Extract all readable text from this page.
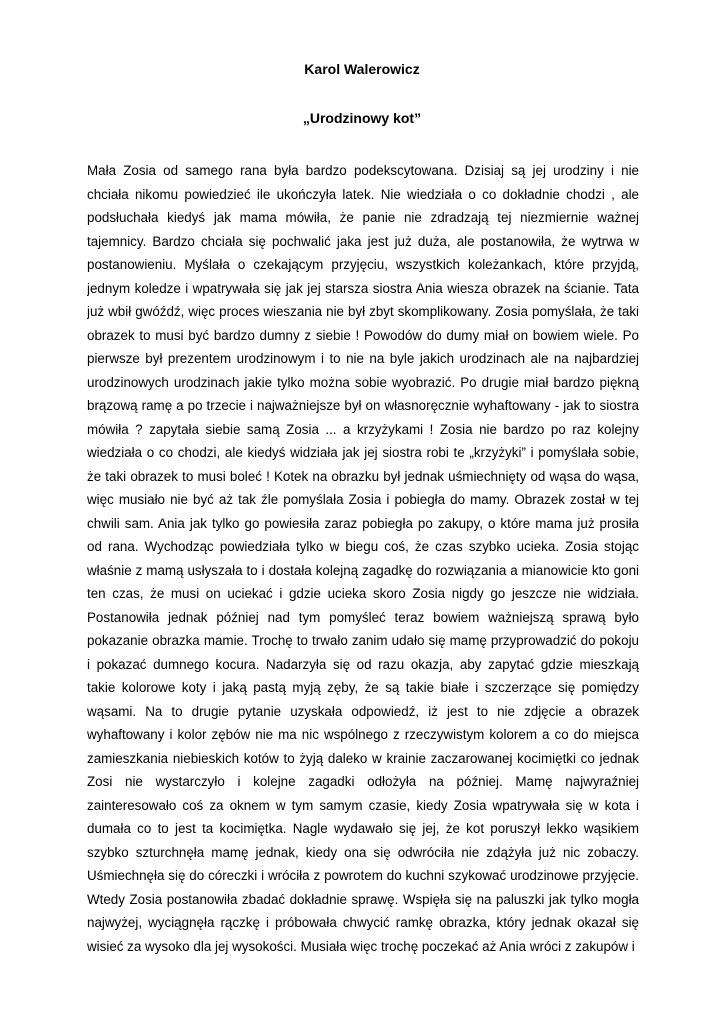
Karol Walerowicz
„Urodzinowy kot”
Mała Zosia od samego rana była bardzo podekscytowana. Dzisiaj są jej urodziny i nie
chciała nikomu powiedzieć ile ukończyła latek. Nie wiedziała o co dokładnie chodzi , ale
podsłuchała kiedyś jak mama mówiła, że panie nie zdradzają tej niezmiernie ważnej
tajemnicy. Bardzo chciała się pochwalić jaka jest już duża, ale postanowiła, że wytrwa w
postanowieniu. Myślała o czekającym przyjęciu, wszystkich koleżankach, które przyjdą,
jednym koledze i wpatrywała się jak jej starsza siostra Ania wiesza obrazek na ścianie. Tata
już wbił gwóźdź, więc proces wieszania nie był zbyt skomplikowany. Zosia pomyślała, że taki
obrazek to musi być bardzo dumny z siebie ! Powodów do dumy miał on bowiem wiele. Po
pierwsze był prezentem urodzinowym i to nie na byle jakich urodzinach ale na najbardziej
urodzinowych urodzinach jakie tylko można sobie wyobrazić. Po drugie miał bardzo piękną
brązową ramę a po trzecie i najważniejsze był on własnoręcznie wyhaftowany - jak to siostra
mówiła ? zapytała siebie samą Zosia ... a krzyżykami ! Zosia nie bardzo po raz kolejny
wiedziała o co chodzi, ale kiedyś widziała jak jej siostra robi te „krzyżyki” i pomyślała sobie,
że taki obrazek to musi boleć ! Kotek na obrazku był jednak uśmiechnięty od wąsa do wąsa,
więc musiało nie być aż tak źle pomyślała Zosia i pobiegła do mamy. Obrazek został w tej
chwili sam. Ania jak tylko go powiesiła zaraz pobiegła po zakupy, o które mama już prosiła
od rana. Wychodząc powiedziała tylko w biegu coś, że czas szybko ucieka. Zosia stojąc
właśnie z mamą usłyszała to i dostała kolejną zagadkę do rozwiązania a mianowicie kto goni
ten czas, że musi on uciekać i gdzie ucieka skoro Zosia nigdy go jeszcze nie widziała.
Postanowiła jednak później nad tym pomyśleć teraz bowiem ważniejszą sprawą było
pokazanie obrazka mamie. Trochę to trwało zanim udało się mamę przyprowadzić do pokoju
i pokazać dumnego kocura. Nadarzyła się od razu okazja, aby zapytać gdzie mieszkają
takie kolorowe koty i jaką pastą myją zęby, że są takie białe i szczerzące się pomiędzy
wąsami. Na to drugie pytanie uzyskała odpowiedź, iż jest to nie zdjęcie a obrazek
wyhaftowany i kolor zębów nie ma nic wspólnego z rzeczywistym kolorem a co do miejsca
zamieszkania niebieskich kotów to żyją daleko w krainie zaczarowanej kocimiętki co jednak
Zosi nie wystarczyło i kolejne zagadki odłożyła na później. Mamę najwyraźniej
zainteresowało coś za oknem w tym samym czasie, kiedy Zosia wpatrywała się w kota i
dumała co to jest ta kocimiętka. Nagle wydawało się jej, że kot poruszył lekko wąsikiem
szybko szturchnęła mamę jednak, kiedy ona się odwróciła nie zdążyła już nic zobaczy.
Uśmiechnęła się do córeczki i wróciła z powrotem do kuchni szykować urodzinowe przyjęcie.
Wtedy Zosia postanowiła zbadać dokładnie sprawę. Wspięła się na paluszki jak tylko mogła
najwyżej, wyciągnęła rączkę i próbowała chwycić ramkę obrazka, który jednak okazał się
wisieć za wysoko dla jej wysokości. Musiała więc trochę poczekać aż Ania wróci z zakupów i
